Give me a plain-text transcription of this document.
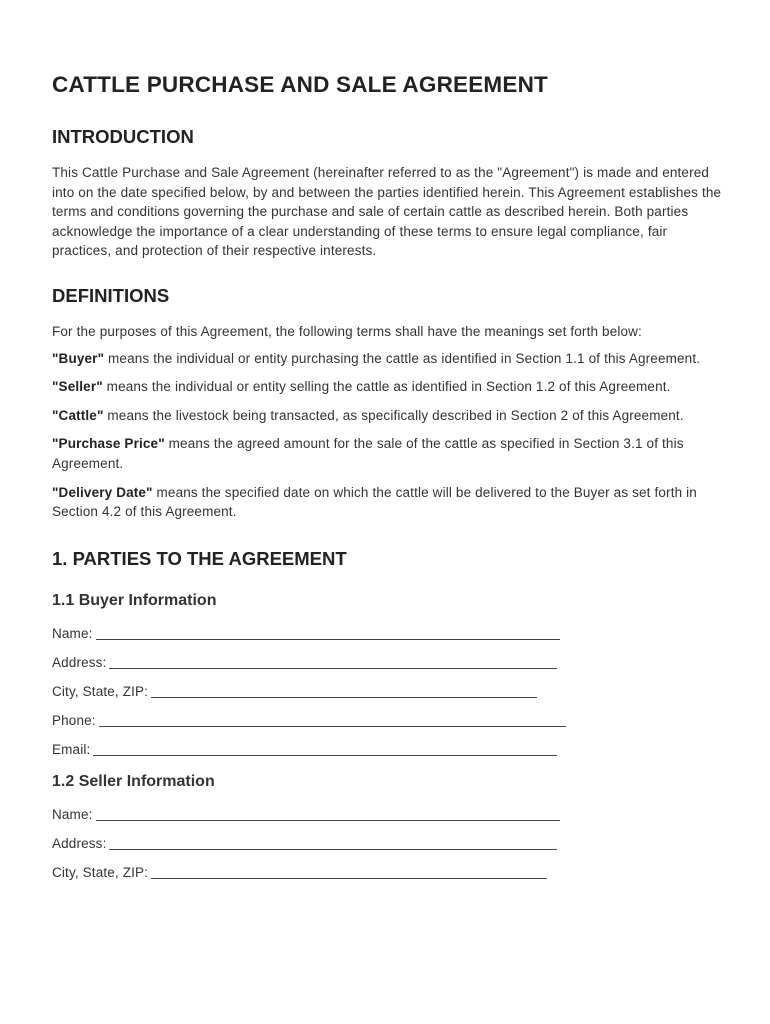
CATTLE PURCHASE AND SALE AGREEMENT
INTRODUCTION

This Cattle Purchase and Sale Agreement (hereinafter referred to as the "Agreement") is made and entered into on the date specified below, by and between the parties identified herein. This Agreement establishes the terms and conditions governing the purchase and sale of certain cattle as described herein. Both parties acknowledge the importance of a clear understanding of these terms to ensure legal compliance, fair practices, and protection of their respective interests.

DEFINITIONS

For the purposes of this Agreement, the following terms shall have the meanings set forth below:

"Buyer" means the individual or entity purchasing the cattle as identified in Section 1.1 of this Agreement.

"Seller" means the individual or entity selling the cattle as identified in Section 1.2 of this Agreement.

"Cattle" means the livestock being transacted, as specifically described in Section 2 of this Agreement.

"Purchase Price" means the agreed amount for the sale of the cattle as specified in Section 3.1 of this Agreement.

"Delivery Date" means the specified date on which the cattle will be delivered to the Buyer as set forth in Section 4.2 of this Agreement.

1. PARTIES TO THE AGREEMENT
1.1 Buyer Information
Name:
Address:
City, State, ZIP:
Phone:
Email:
1.2 Seller Information
Name:
Address:
City, State, ZIP:
